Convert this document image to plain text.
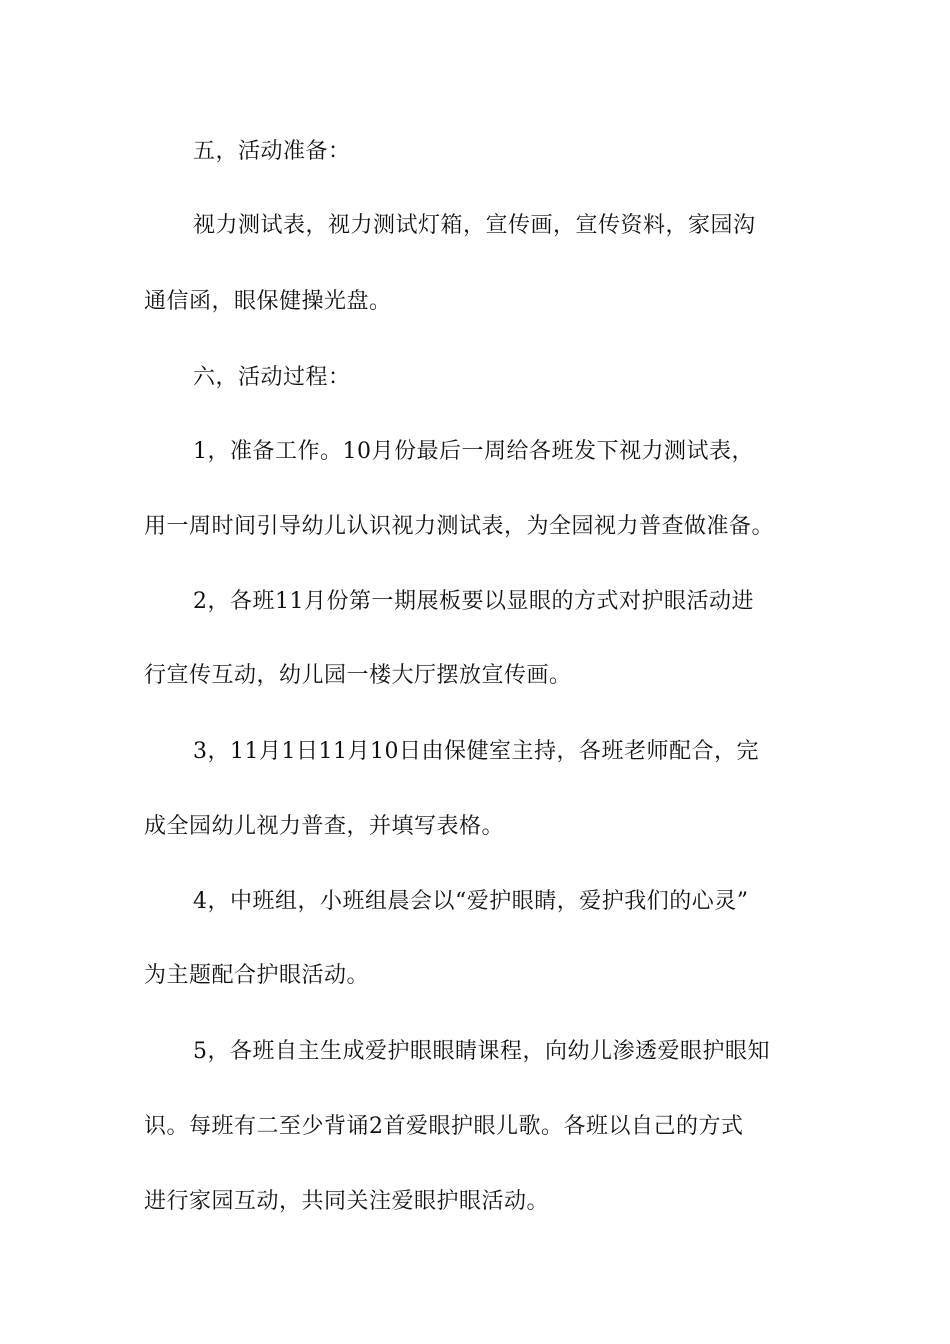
五，活动准备：
视力测试表，视力测试灯箱，宣传画，宣传资料，家园沟
通信函，眼保健操光盘。
六，活动过程：
1，准备工作。10月份最后一周给各班发下视力测试表，
用一周时间引导幼儿认识视力测试表，为全园视力普查做准备。
2，各班11月份第一期展板要以显眼的方式对护眼活动进
行宣传互动，幼儿园一楼大厅摆放宣传画。
3，11月1日11月10日由保健室主持，各班老师配合，完
成全园幼儿视力普查，并填写表格。
4，中班组，小班组晨会以“爱护眼睛，爱护我们的心灵”
为主题配合护眼活动。
5，各班自主生成爱护眼眼睛课程，向幼儿渗透爱眼护眼知
识。每班有二至少背诵2首爱眼护眼儿歌。各班以自己的方式
进行家园互动，共同关注爱眼护眼活动。
